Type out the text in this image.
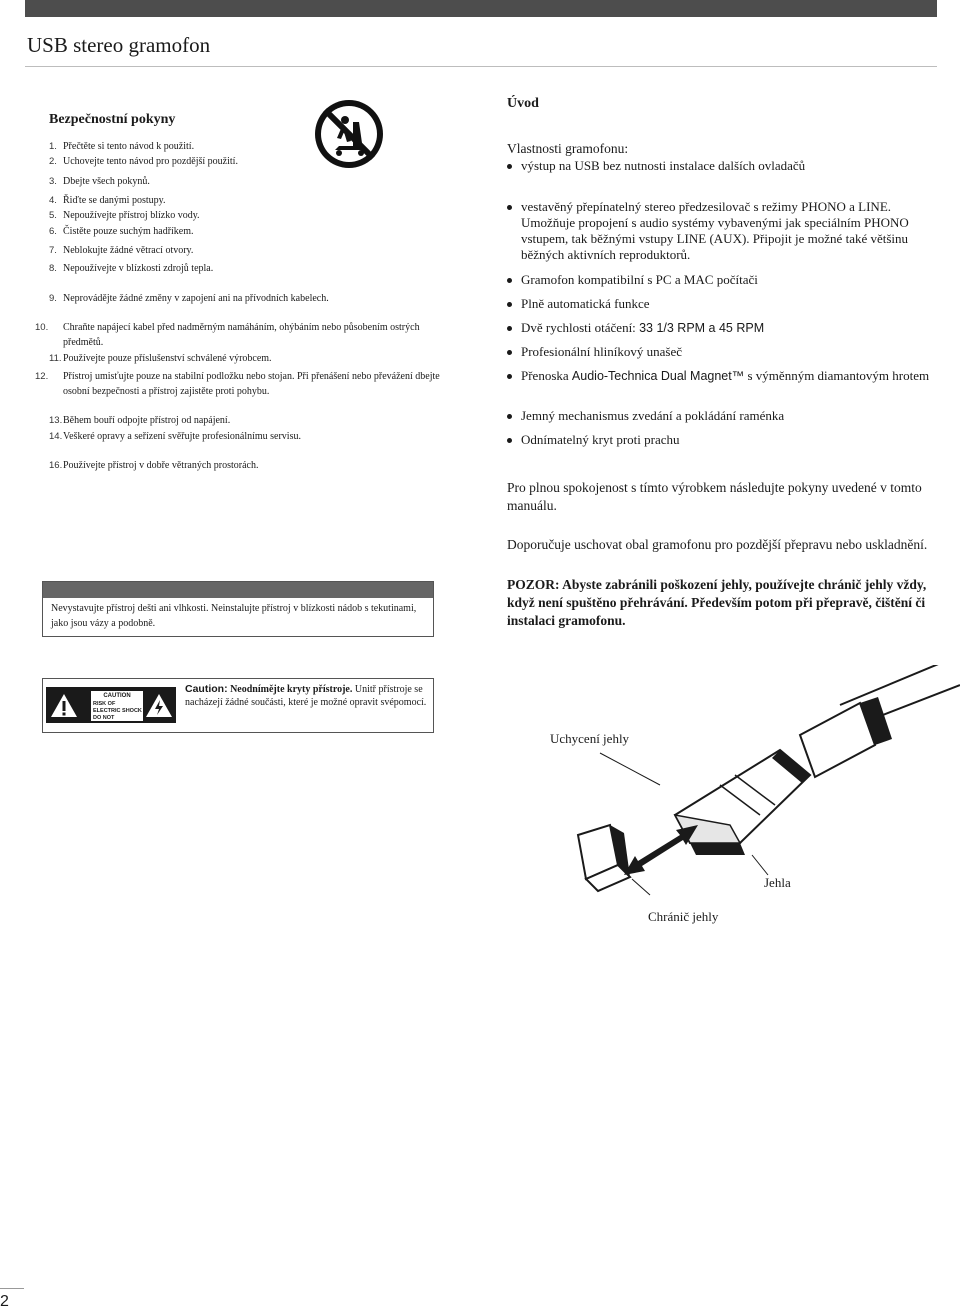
USB stereo gramofon
Bezpečnostní pokyny
1. Přečtěte si tento návod k použití.
2. Uchovejte tento návod pro pozdější použití.
3. Dbejte všech pokynů.
4. Řiďte se danými postupy.
5. Nepoužívejte přístroj blízko vody.
6. Čistěte pouze suchým hadříkem.
7. Neblokujte žádné větrací otvory.
8. Nepoužívejte v blízkosti zdrojů tepla.
9. Neprovádějte žádné změny v zapojení ani na přívodních kabelech.
10. Chraňte napájecí kabel před nadměrným namáháním, ohýbáním nebo působením ostrých předmětů.
11.Používejte pouze příslušenství schválené výrobcem.
12. Přístroj umisťujte pouze na stabilní podložku nebo stojan. Při přenášení nebo převážení dbejte osobní bezpečnosti a přístroj zajistěte proti pohybu.
13.Během bouří odpojte přístroj od napájení.
14.Veškeré opravy a seřízení svěřujte profesionálnímu servisu.
16.Používejte přístroj v dobře větraných prostorách.
Úvod
Vlastnosti gramofonu:
výstup na USB bez nutnosti instalace dalších ovladačů
vestavěný přepínatelný stereo předzesilovač s režimy PHONO a LINE. Umožňuje propojení s audio systémy vybavenými jak speciálním PHONO vstupem, tak běžnými vstupy LINE (AUX). Připojit je možné také většinu běžných aktivních reproduktorů.
Gramofon kompatibilní s PC a MAC počítači
Plně automatická funkce
Dvě rychlosti otáčení: 33 1/3 RPM a 45 RPM
Profesionální hliníkový unašeč
Přenoska Audio-Technica Dual Magnet™ s výměnným diamantovým hrotem
Jemný mechanismus zvedání a pokládání raménka
Odnímatelný kryt proti prachu
Pro plnou spokojenost s tímto výrobkem následujte pokyny uvedené v tomto manuálu.
Doporučuje uschovat obal gramofonu pro pozdější přepravu nebo uskladnění.
Nevystavujte přístroj dešti ani vlhkosti. Neinstalujte přístroj v blízkosti nádob s tekutinami, jako jsou vázy a podobně.
POZOR: Abyste zabránili poškození jehly, používejte chránič jehly vždy, když není spuštěno přehrávání. Především potom při přepravě, čištění či instalaci gramofonu.
CAUTION
RISK OF ELECTRIC SHOCK DO NOT
Caution: Neodnímějte kryty přístroje. Unitř přístroje se nacházejí žádné součásti, které je možné opravit svépomocí.
Uchycení jehly
Jehla
Chránič jehly
2
